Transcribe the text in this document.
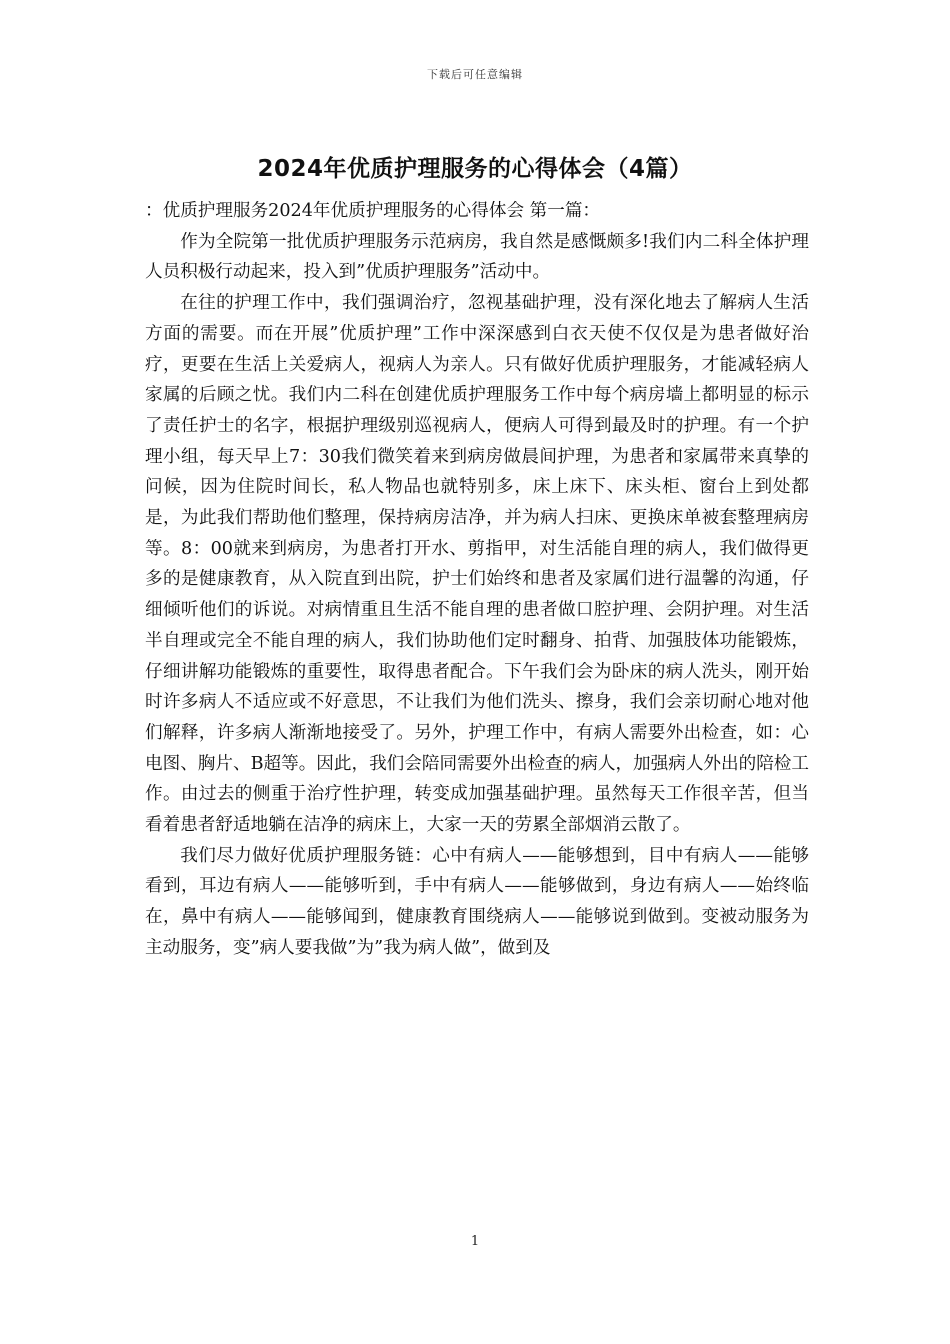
下载后可任意编辑
2024年优质护理服务的心得体会（4篇）

：优质护理服务2024年优质护理服务的心得体会 第一篇：

作为全院第一批优质护理服务示范病房，我自然是感慨颇多!我们内二科全体护理人员积极行动起来，投入到”优质护理服务”活动中。

在往的护理工作中，我们强调治疗，忽视基础护理，没有深化地去了解病人生活方面的需要。而在开展”优质护理”工作中深深感到白衣天使不仅仅是为患者做好治疗，更要在生活上关爱病人，视病人为亲人。只有做好优质护理服务，才能减轻病人家属的后顾之忧。我们内二科在创建优质护理服务工作中每个病房墙上都明显的标示了责任护士的名字，根据护理级别巡视病人，便病人可得到最及时的护理。有一个护理小组，每天早上7：30我们微笑着来到病房做晨间护理，为患者和家属带来真挚的问候，因为住院时间长，私人物品也就特别多，床上床下、床头柜、窗台上到处都是，为此我们帮助他们整理，保持病房洁净，并为病人扫床、更换床单被套整理病房等。8：00就来到病房，为患者打开水、剪指甲，对生活能自理的病人，我们做得更多的是健康教育，从入院直到出院，护士们始终和患者及家属们进行温馨的沟通，仔细倾听他们的诉说。对病情重且生活不能自理的患者做口腔护理、会阴护理。对生活半自理或完全不能自理的病人，我们协助他们定时翻身、拍背、加强肢体功能锻炼，仔细讲解功能锻炼的重要性，取得患者配合。下午我们会为卧床的病人洗头，刚开始时许多病人不适应或不好意思，不让我们为他们洗头、擦身，我们会亲切耐心地对他们解释，许多病人渐渐地接受了。另外，护理工作中，有病人需要外出检查，如：心电图、胸片、B超等。因此，我们会陪同需要外出检查的病人，加强病人外出的陪检工作。由过去的侧重于治疗性护理，转变成加强基础护理。虽然每天工作很辛苦，但当看着患者舒适地躺在洁净的病床上，大家一天的劳累全部烟消云散了。

我们尽力做好优质护理服务链：心中有病人——能够想到，目中有病人——能够看到，耳边有病人——能够听到，手中有病人——能够做到，身边有病人——始终临在，鼻中有病人——能够闻到，健康教育围绕病人——能够说到做到。变被动服务为主动服务，变”病人要我做”为”我为病人做”，做到及

1
